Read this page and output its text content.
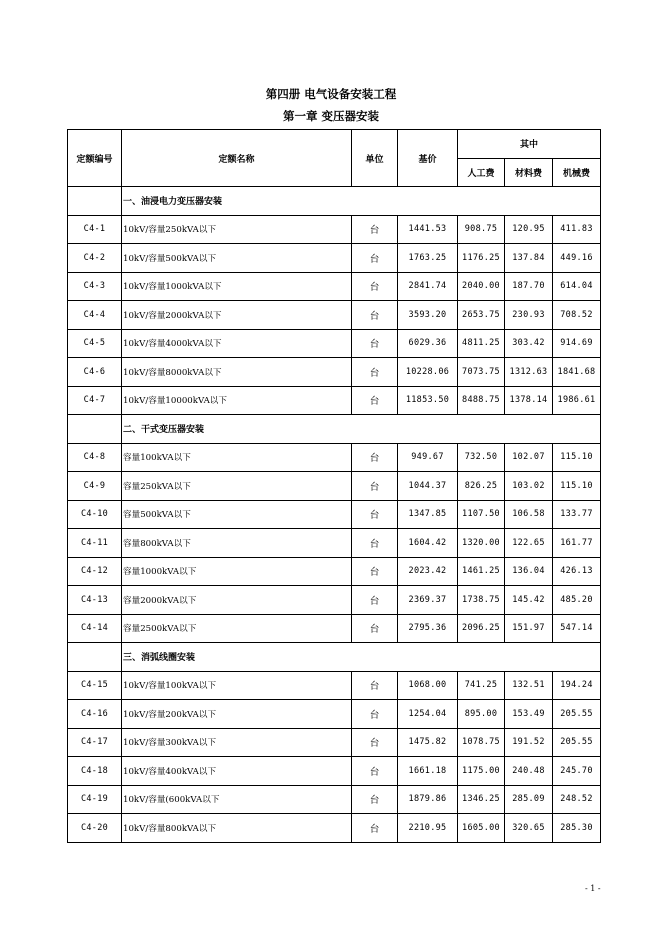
第四册 电气设备安装工程
第一章 变压器安装
定额编号	定额名称	单位	基价	其中		
				人工费	材料费	机械费
	一、油浸电力变压器安装					
C4-1	10kV/容量250kVA以下	台	1441.53	908.75	120.95	411.83
C4-2	10kV/容量500kVA以下	台	1763.25	1176.25	137.84	449.16
C4-3	10kV/容量1000kVA以下	台	2841.74	2040.00	187.70	614.04
C4-4	10kV/容量2000kVA以下	台	3593.20	2653.75	230.93	708.52
C4-5	10kV/容量4000kVA以下	台	6029.36	4811.25	303.42	914.69
C4-6	10kV/容量8000kVA以下	台	10228.06	7073.75	1312.63	1841.68
C4-7	10kV/容量10000kVA以下	台	11853.50	8488.75	1378.14	1986.61
	二、干式变压器安装					
C4-8	容量100kVA以下	台	949.67	732.50	102.07	115.10
C4-9	容量250kVA以下	台	1044.37	826.25	103.02	115.10
C4-10	容量500kVA以下	台	1347.85	1107.50	106.58	133.77
C4-11	容量800kVA以下	台	1604.42	1320.00	122.65	161.77
C4-12	容量1000kVA以下	台	2023.42	1461.25	136.04	426.13
C4-13	容量2000kVA以下	台	2369.37	1738.75	145.42	485.20
C4-14	容量2500kVA以下	台	2795.36	2096.25	151.97	547.14
	三、消弧线圈安装					
C4-15	10kV/容量100kVA以下	台	1068.00	741.25	132.51	194.24
C4-16	10kV/容量200kVA以下	台	1254.04	895.00	153.49	205.55
C4-17	10kV/容量300kVA以下	台	1475.82	1078.75	191.52	205.55
C4-18	10kV/容量400kVA以下	台	1661.18	1175.00	240.48	245.70
C4-19	10kV/容量(600kVA以下	台	1879.86	1346.25	285.09	248.52
C4-20	10kV/容量800kVA以下	台	2210.95	1605.00	320.65	285.30
- 1 -
